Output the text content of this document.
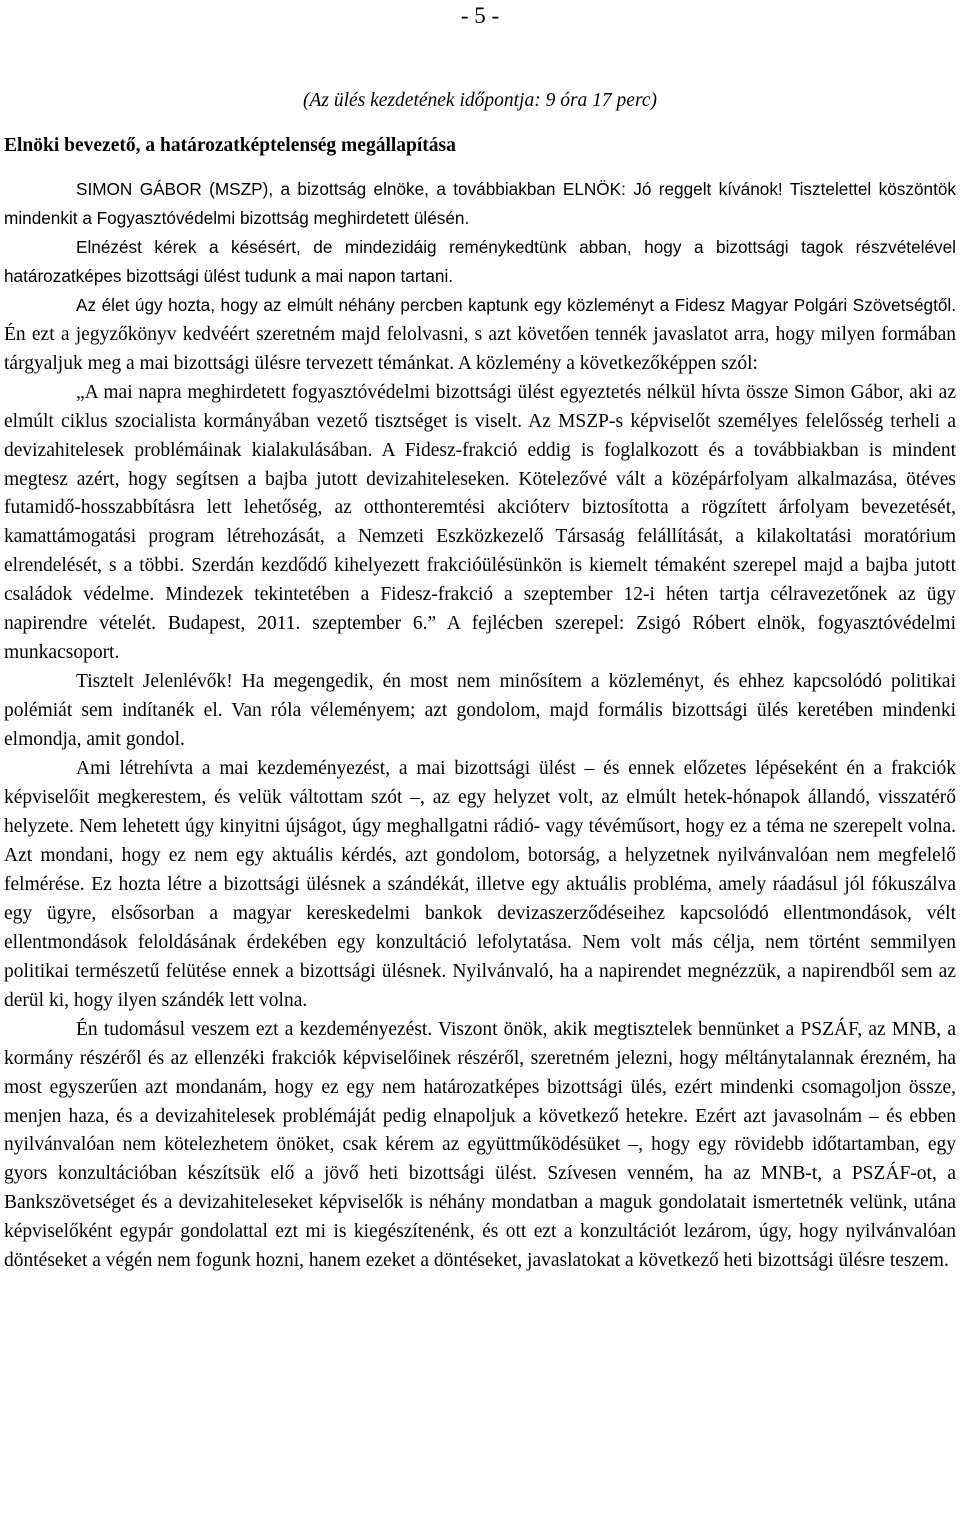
- 5 -

(Az ülés kezdetének időpontja: 9 óra 17 perc)

Elnöki bevezető, a határozatképtelenség megállapítása

SIMON GÁBOR (MSZP), a bizottság elnöke, a továbbiakban ELNÖK: Jó reggelt kívánok! Tisztelettel köszöntök mindenkit a Fogyasztóvédelmi bizottság meghirdetett ülésén.

Elnézést kérek a késésért, de mindezidáig reménykedtünk abban, hogy a bizottsági tagok részvételével határozatképes bizottsági ülést tudunk a mai napon tartani.

Az élet úgy hozta, hogy az elmúlt néhány percben kaptunk egy közleményt a Fidesz Magyar Polgári Szövetségtől. Én ezt a jegyzőkönyv kedvéért szeretném majd felolvasni, s azt követően tennék javaslatot arra, hogy milyen formában tárgyaljuk meg a mai bizottsági ülésre tervezett témánkat. A közlemény a következőképpen szól:

„A mai napra meghirdetett fogyasztóvédelmi bizottsági ülést egyeztetés nélkül hívta össze Simon Gábor, aki az elmúlt ciklus szocialista kormányában vezető tisztséget is viselt. Az MSZP-s képviselőt személyes felelősség terheli a devizahitelesek problémáinak kialakulásában. A Fidesz-frakció eddig is foglalkozott és a továbbiakban is mindent megtesz azért, hogy segítsen a bajba jutott devizahiteleseken. Kötelezővé vált a középárfolyam alkalmazása, ötéves futamidő-hosszabbításra lett lehetőség, az otthonteremtési akcióterv biztosította a rögzített árfolyam bevezetését, kamattámogatási program létrehozását, a Nemzeti Eszközkezelő Társaság felállítását, a kilakoltatási moratórium elrendelését, s a többi. Szerdán kezdődő kihelyezett frakcióülésünkön is kiemelt témaként szerepel majd a bajba jutott családok védelme. Mindezek tekintetében a Fidesz-frakció a szeptember 12-i héten tartja célravezetőnek az ügy napirendre vételét. Budapest, 2011. szeptember 6.” A fejlécben szerepel: Zsigó Róbert elnök, fogyasztóvédelmi munkacsoport.

Tisztelt Jelenlévők! Ha megengedik, én most nem minősítem a közleményt, és ehhez kapcsolódó politikai polémiát sem indítanék el. Van róla véleményem; azt gondolom, majd formális bizottsági ülés keretében mindenki elmondja, amit gondol.

Ami létrehívta a mai kezdeményezést, a mai bizottsági ülést – és ennek előzetes lépéseként én a frakciók képviselőit megkerestem, és velük váltottam szót –, az egy helyzet volt, az elmúlt hetek-hónapok állandó, visszatérő helyzete. Nem lehetett úgy kinyitni újságot, úgy meghallgatni rádió- vagy tévéműsort, hogy ez a téma ne szerepelt volna. Azt mondani, hogy ez nem egy aktuális kérdés, azt gondolom, botorság, a helyzetnek nyilvánvalóan nem megfelelő felmérése. Ez hozta létre a bizottsági ülésnek a szándékát, illetve egy aktuális probléma, amely ráadásul jól fókuszálva egy ügyre, elsősorban a magyar kereskedelmi bankok devizaszerződéseihez kapcsolódó ellentmondások, vélt ellentmondások feloldásának érdekében egy konzultáció lefolytatása. Nem volt más célja, nem történt semmilyen politikai természetű felütése ennek a bizottsági ülésnek. Nyilvánvaló, ha a napirendet megnézzük, a napirendből sem az derül ki, hogy ilyen szándék lett volna.

Én tudomásul veszem ezt a kezdeményezést. Viszont önök, akik megtisztelek bennünket a PSZÁF, az MNB, a kormány részéről és az ellenzéki frakciók képviselőinek részéről, szeretném jelezni, hogy méltánytalannak érezném, ha most egyszerűen azt mondanám, hogy ez egy nem határozatképes bizottsági ülés, ezért mindenki csomagoljon össze, menjen haza, és a devizahitelesek problémáját pedig elnapoljuk a következő hetekre. Ezért azt javasolnám – és ebben nyilvánvalóan nem kötelezhetem önöket, csak kérem az együttműködésüket –, hogy egy rövidebb időtartamban, egy gyors konzultációban készítsük elő a jövő heti bizottsági ülést. Szívesen venném, ha az MNB-t, a PSZÁF-ot, a Bankszövetséget és a devizahiteleseket képviselők is néhány mondatban a maguk gondolatait ismertetnék velünk, utána képviselőként egypár gondolattal ezt mi is kiegészítenénk, és ott ezt a konzultációt lezárom, úgy, hogy nyilvánvalóan döntéseket a végén nem fogunk hozni, hanem ezeket a döntéseket, javaslatokat a következő heti bizottsági ülésre teszem.
